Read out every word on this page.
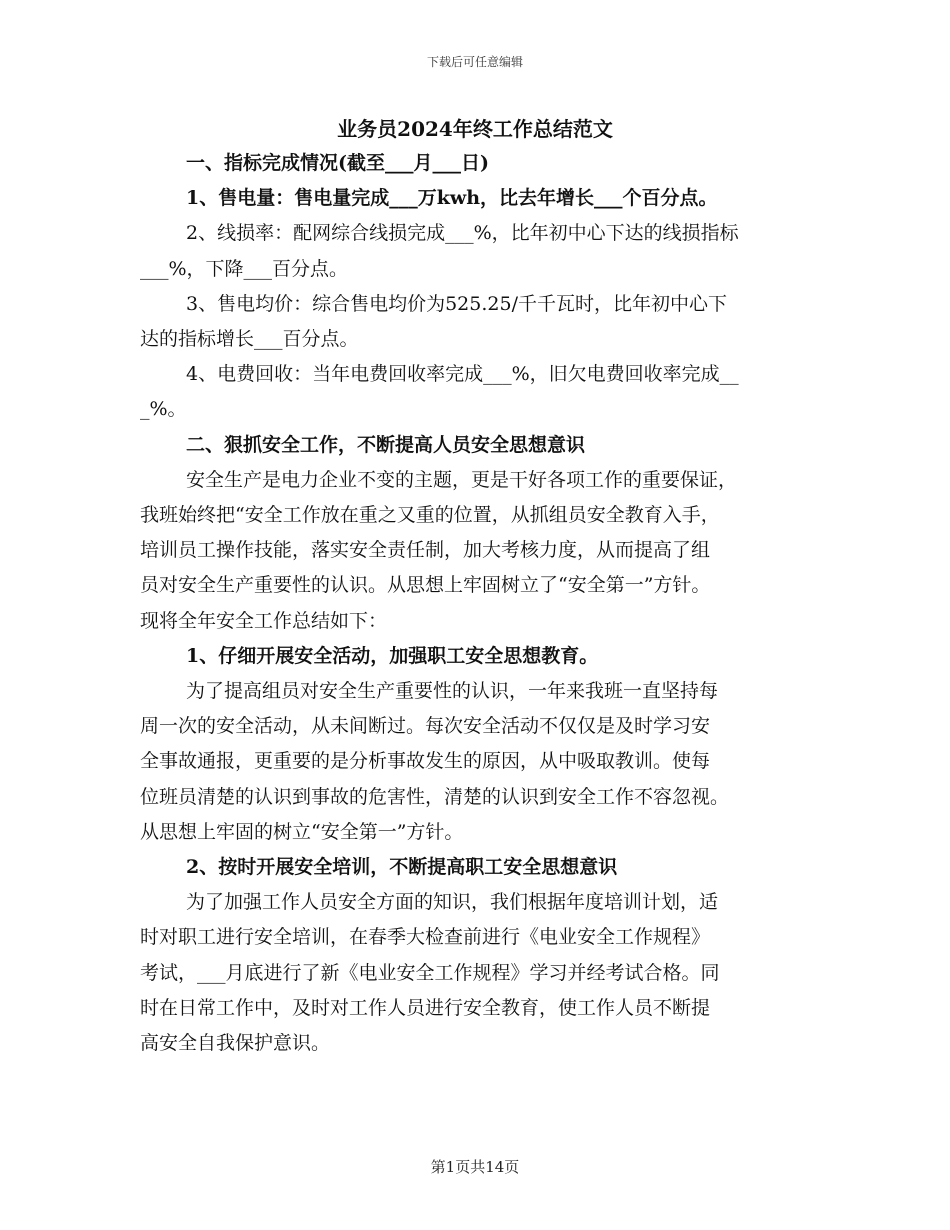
下载后可任意编辑
业务员2024年终工作总结范文

一、指标完成情况(截至___月___日)

1、售电量：售电量完成___万kwh，比去年增长___个百分点。

2、线损率：配网综合线损完成___%，比年初中心下达的线损指标

___%，下降___百分点。

3、售电均价：综合售电均价为525.25/千千瓦时，比年初中心下

达的指标增长___百分点。

4、电费回收：当年电费回收率完成___%，旧欠电费回收率完成__

_%。

二、狠抓安全工作，不断提高人员安全思想意识

安全生产是电力企业不变的主题，更是干好各项工作的重要保证，

我班始终把“安全工作放在重之又重的位置，从抓组员安全教育入手，

培训员工操作技能，落实安全责任制，加大考核力度，从而提高了组

员对安全生产重要性的认识。从思想上牢固树立了“安全第一”方针。

现将全年安全工作总结如下：

1、仔细开展安全活动，加强职工安全思想教育。

为了提高组员对安全生产重要性的认识，一年来我班一直坚持每

周一次的安全活动，从未间断过。每次安全活动不仅仅是及时学习安

全事故通报，更重要的是分析事故发生的原因，从中吸取教训。使每

位班员清楚的认识到事故的危害性，清楚的认识到安全工作不容忽视。

从思想上牢固的树立“安全第一”方针。

2、按时开展安全培训，不断提高职工安全思想意识

为了加强工作人员安全方面的知识，我们根据年度培训计划，适

时对职工进行安全培训，在春季大检查前进行《电业安全工作规程》

考试，___月底进行了新《电业安全工作规程》学习并经考试合格。同

时在日常工作中，及时对工作人员进行安全教育，使工作人员不断提

高安全自我保护意识。

第1页共14页
